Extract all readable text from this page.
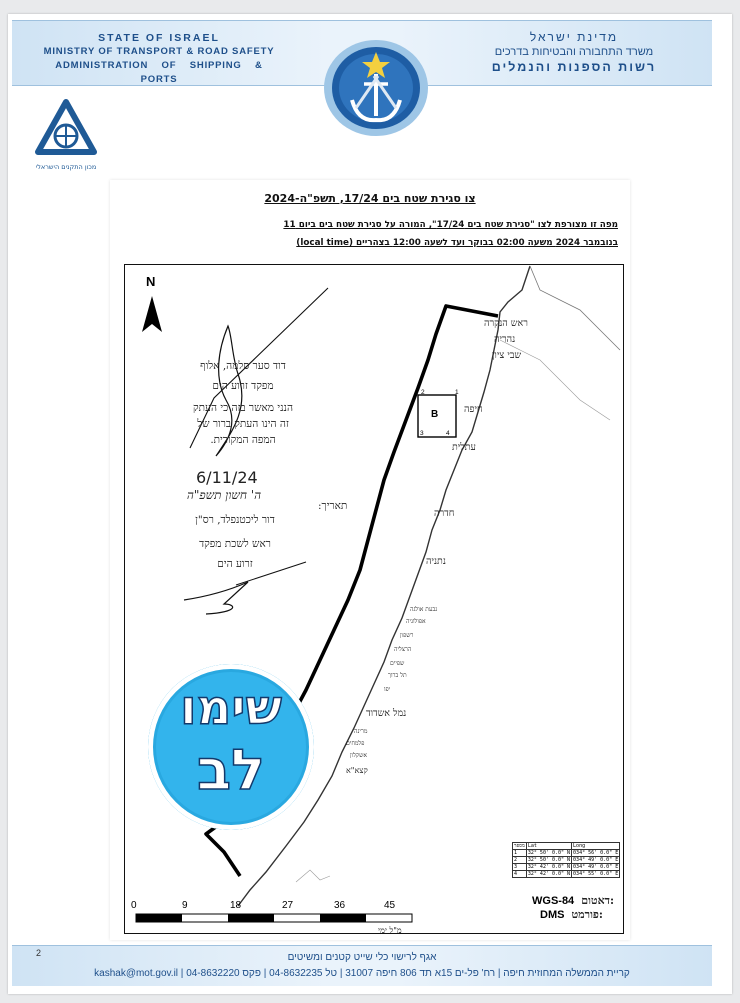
STATE OF ISRAEL
MINISTRY OF TRANSPORT & ROAD SAFETY
ADMINISTRATION OF SHIPPING & PORTS
מדינת ישראל
משרד התחבורה והבטיחות בדרכים
רשות הספנות והנמלים
מכון התקנים הישראלי
צו סגירת שטח בים 17/24, תשפ"ה-2024
מפה זו מצורפת לצו "סגירת שטח בים 17/24", המורה על סגירת שטח בים ביום 11
בנובמבר 2024 משעה 02:00 בבוקר ועד לשעה 12:00 בצהריים (local time)
N
דוד סער סלמה, אלוף
מפקד זרוע הים
הנני מאשר בזה כי העתק
זה הינו העתק ברור של
המפה המקורית.
6/11/24
תאריך:
ה' חשון תשפ"ה
דור ליכטנפלד, רס"ן
ראש לשכת מפקד
זרוע הים
ראש הנקרה
נהריה
שבי ציון
חיפה
עתלית
חדרה
נתניה
נמל אשדוד
קצא"א
גבעת אולגה
אפולוניה
רשפון
הרצליה
שפיים
תל ברוך
יפו
פלמחים
אשקלון
מרינה
B
1
2
3	4
מספר	Lat	Long
1	32° 50' 0.0" N	034° 56' 0.0" E
2	32° 50' 0.0" N	034° 49' 0.0" E
3	32° 42' 0.0" N	034° 49' 0.0" E
4	32° 42' 0.0" N	034° 55' 0.0" E
WGS-84 דאטום:
DMS פורמט:
0	9	18	27	36	45
מ"ל ימי
שימו
לב
2	אגף לרישוי כלי שייט קטנים ומשיטים
קריית הממשלה המחוזית חיפה | רח' פל-ים 15א תד 806 חיפה 31007 | טל 04-8632235 | פקס 04-8632220 | kashak@mot.gov.il
